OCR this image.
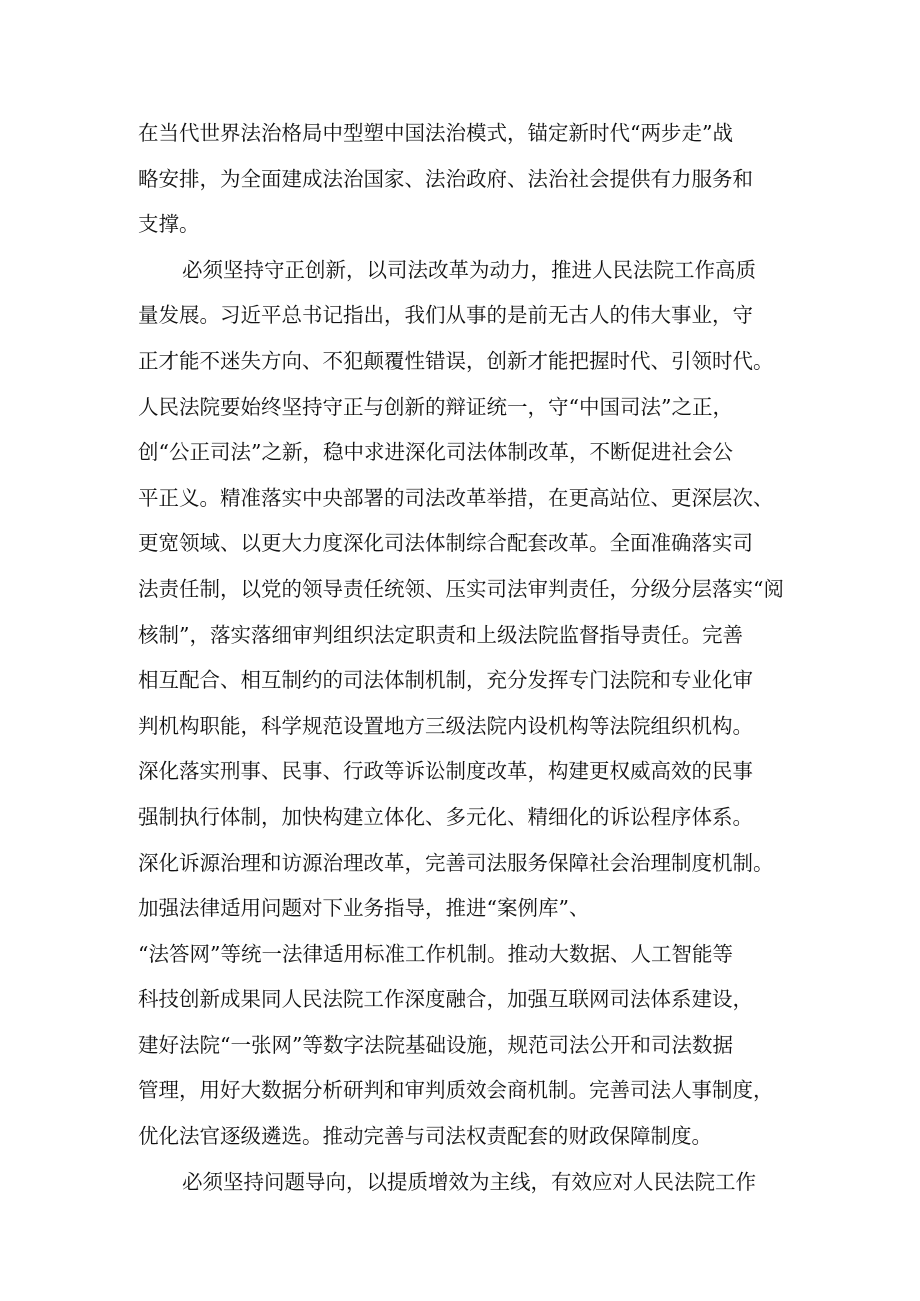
在当代世界法治格局中型塑中国法治模式，锚定新时代“两步走”战
略安排，为全面建成法治国家、法治政府、法治社会提供有力服务和
支撑。
必须坚持守正创新，以司法改革为动力，推进人民法院工作高质
量发展。习近平总书记指出，我们从事的是前无古人的伟大事业，守
正才能不迷失方向、不犯颠覆性错误，创新才能把握时代、引领时代。
人民法院要始终坚持守正与创新的辩证统一，守“中国司法”之正，
创“公正司法”之新，稳中求进深化司法体制改革，不断促进社会公
平正义。精准落实中央部署的司法改革举措，在更高站位、更深层次、
更宽领域、以更大力度深化司法体制综合配套改革。全面准确落实司
法责任制，以党的领导责任统领、压实司法审判责任，分级分层落实“阅
核制”，落实落细审判组织法定职责和上级法院监督指导责任。完善
相互配合、相互制约的司法体制机制，充分发挥专门法院和专业化审
判机构职能，科学规范设置地方三级法院内设机构等法院组织机构。
深化落实刑事、民事、行政等诉讼制度改革，构建更权威高效的民事
强制执行体制，加快构建立体化、多元化、精细化的诉讼程序体系。
深化诉源治理和访源治理改革，完善司法服务保障社会治理制度机制。
加强法律适用问题对下业务指导，推进“案例库”、
“法答网”等统一法律适用标准工作机制。推动大数据、人工智能等
科技创新成果同人民法院工作深度融合，加强互联网司法体系建设，
建好法院“一张网”等数字法院基础设施，规范司法公开和司法数据
管理，用好大数据分析研判和审判质效会商机制。完善司法人事制度，
优化法官逐级遴选。推动完善与司法权责配套的财政保障制度。
必须坚持问题导向，以提质增效为主线，有效应对人民法院工作
